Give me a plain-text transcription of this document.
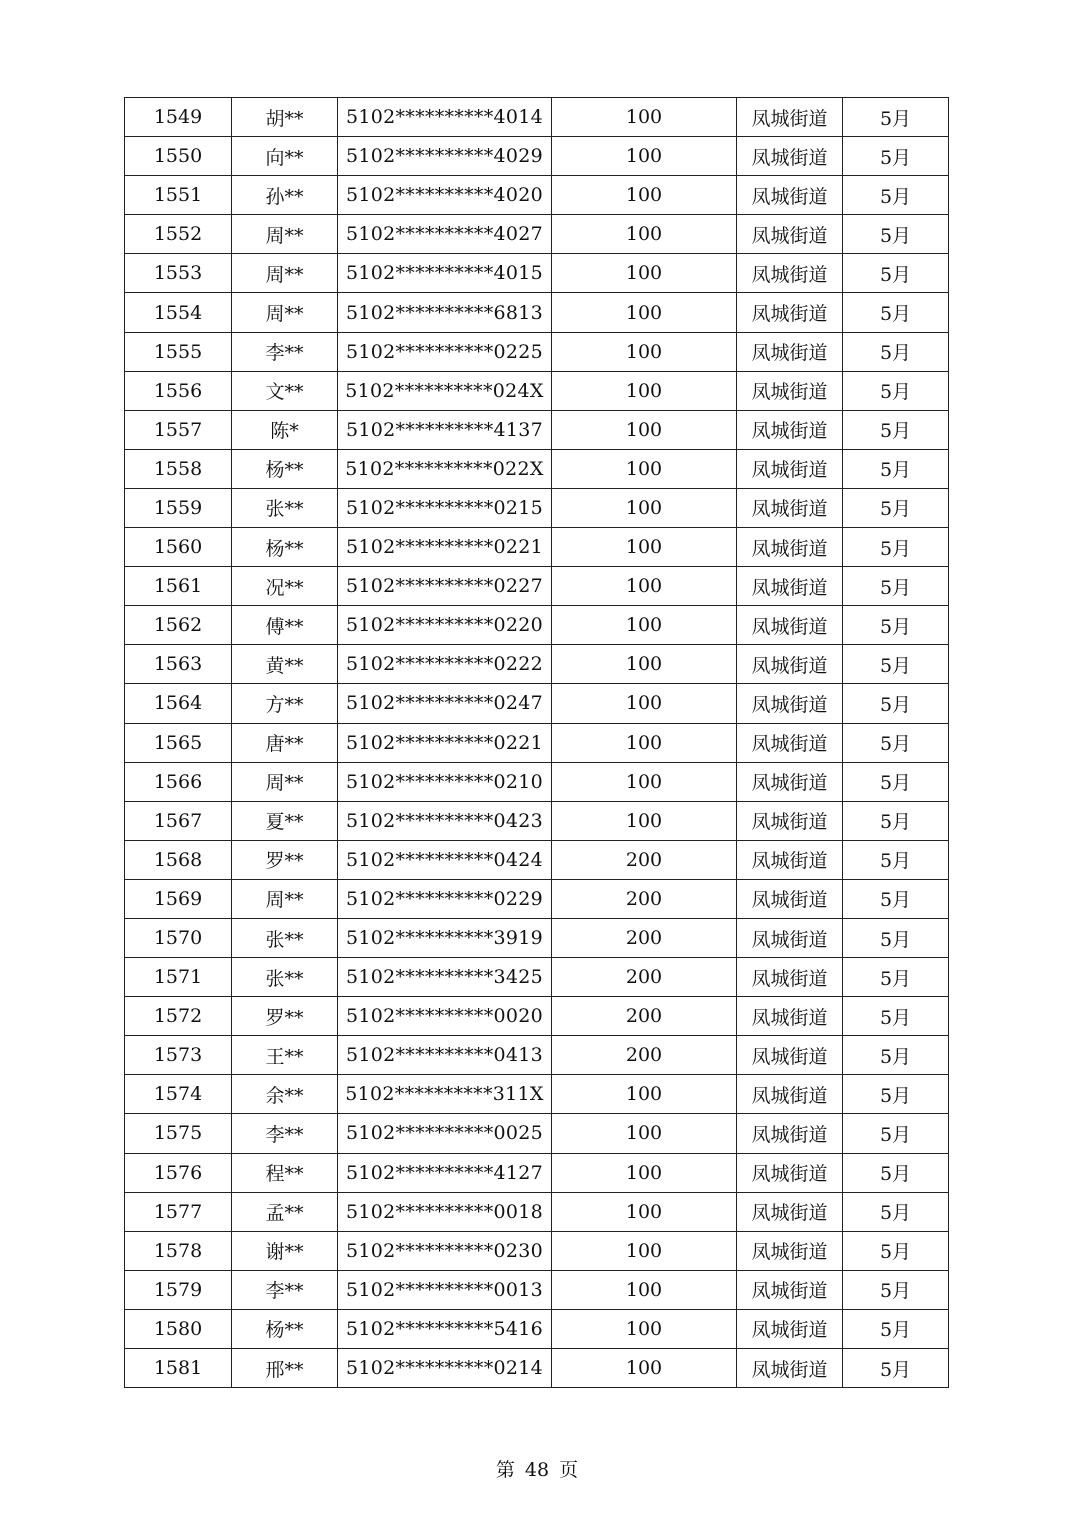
1549	胡**	5102**********4014	100	凤城街道	5月
1550	向**	5102**********4029	100	凤城街道	5月
1551	孙**	5102**********4020	100	凤城街道	5月
1552	周**	5102**********4027	100	凤城街道	5月
1553	周**	5102**********4015	100	凤城街道	5月
1554	周**	5102**********6813	100	凤城街道	5月
1555	李**	5102**********0225	100	凤城街道	5月
1556	文**	5102**********024X	100	凤城街道	5月
1557	陈*	5102**********4137	100	凤城街道	5月
1558	杨**	5102**********022X	100	凤城街道	5月
1559	张**	5102**********0215	100	凤城街道	5月
1560	杨**	5102**********0221	100	凤城街道	5月
1561	况**	5102**********0227	100	凤城街道	5月
1562	傅**	5102**********0220	100	凤城街道	5月
1563	黄**	5102**********0222	100	凤城街道	5月
1564	方**	5102**********0247	100	凤城街道	5月
1565	唐**	5102**********0221	100	凤城街道	5月
1566	周**	5102**********0210	100	凤城街道	5月
1567	夏**	5102**********0423	100	凤城街道	5月
1568	罗**	5102**********0424	200	凤城街道	5月
1569	周**	5102**********0229	200	凤城街道	5月
1570	张**	5102**********3919	200	凤城街道	5月
1571	张**	5102**********3425	200	凤城街道	5月
1572	罗**	5102**********0020	200	凤城街道	5月
1573	王**	5102**********0413	200	凤城街道	5月
1574	余**	5102**********311X	100	凤城街道	5月
1575	李**	5102**********0025	100	凤城街道	5月
1576	程**	5102**********4127	100	凤城街道	5月
1577	孟**	5102**********0018	100	凤城街道	5月
1578	谢**	5102**********0230	100	凤城街道	5月
1579	李**	5102**********0013	100	凤城街道	5月
1580	杨**	5102**********5416	100	凤城街道	5月
1581	邢**	5102**********0214	100	凤城街道	5月
第 48 页
